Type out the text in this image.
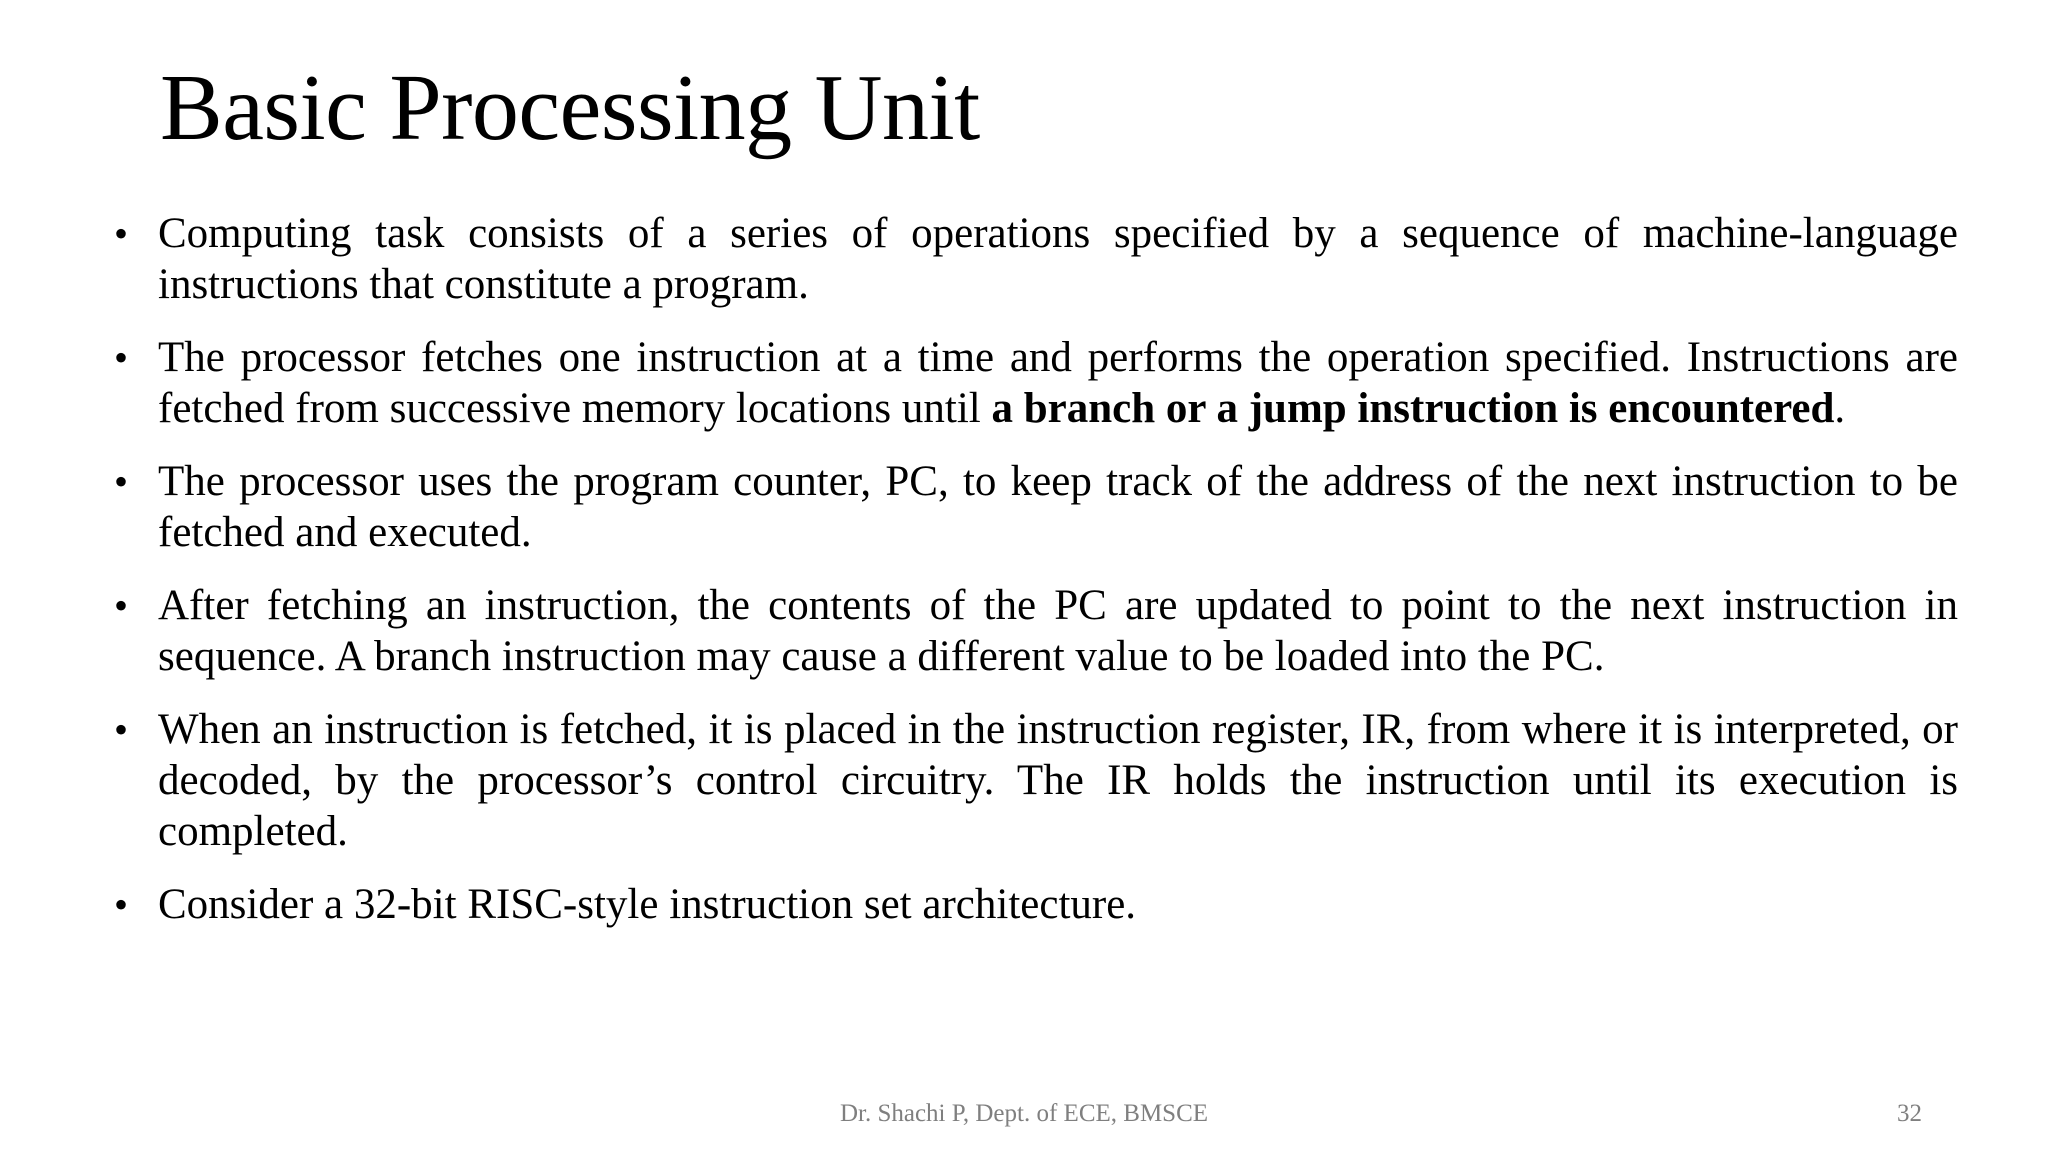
Basic Processing Unit
• Computing task consists of a series of operations specified by a sequence of machine-language instructions that constitute a program.
• The processor fetches one instruction at a time and performs the operation specified. Instructions are fetched from successive memory locations until a branch or a jump instruction is encountered.
• The processor uses the program counter, PC, to keep track of the address of the next instruction to be fetched and executed.
• After fetching an instruction, the contents of the PC are updated to point to the next instruction in sequence. A branch instruction may cause a different value to be loaded into the PC.
• When an instruction is fetched, it is placed in the instruction register, IR, from where it is interpreted, or decoded, by the processor’s control circuitry. The IR holds the instruction until its execution is completed.
• Consider a 32-bit RISC-style instruction set architecture.
Dr. Shachi P, Dept. of ECE, BMSCE	32
